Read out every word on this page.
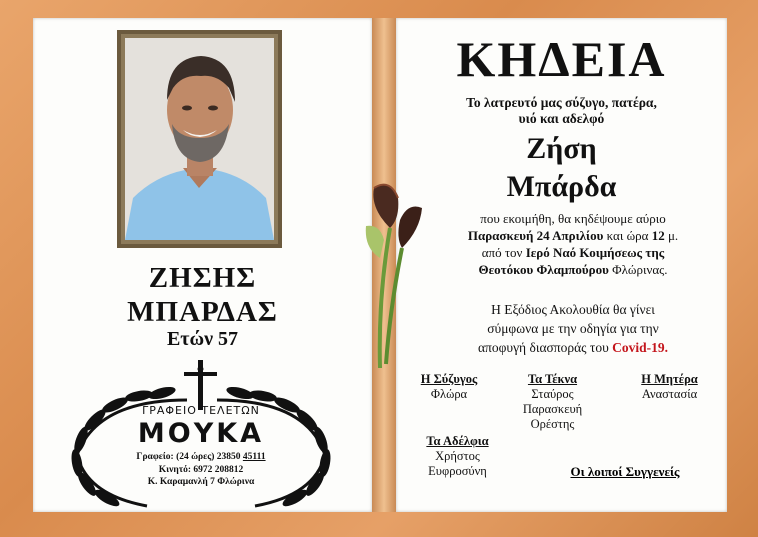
ΖΗΣΗΣ
ΜΠΑΡΔΑΣ
Ετών 57
ΓΡΑΦΕΙΟ ΤΕΛΕΤΩΝ
ΜΟΥΚΑ
Γραφείο: (24 ώρες) 23850 45111
Κινητό: 6972 208812
Κ. Καραμανλή 7 Φλώρινα
ΚΗΔΕΙΑ
Το λατρευτό μας σύζυγο, πατέρα,
υιό και αδελφό
Ζήση
Μπάρδα
που εκοιμήθη, θα κηδέψουμε αύριο
Παρασκευή 24 Απριλίου και ώρα 12 μ.
από τον Ιερό Ναό Κοιμήσεως της
Θεοτόκου Φλαμπούρου Φλώρινας.
Η Εξόδιος Ακολουθία θα γίνει
σύμφωνα με την οδηγία για την
αποφυγή διασποράς του Covid-19.
Η Σύζυγος
Φλώρα
Τα Τέκνα
Σταύρος
Παρασκευή
Ορέστης
Η Μητέρα
Αναστασία
Τα Αδέλφια
Χρήστος
Ευφροσύνη	Οι λοιποί Συγγενείς
